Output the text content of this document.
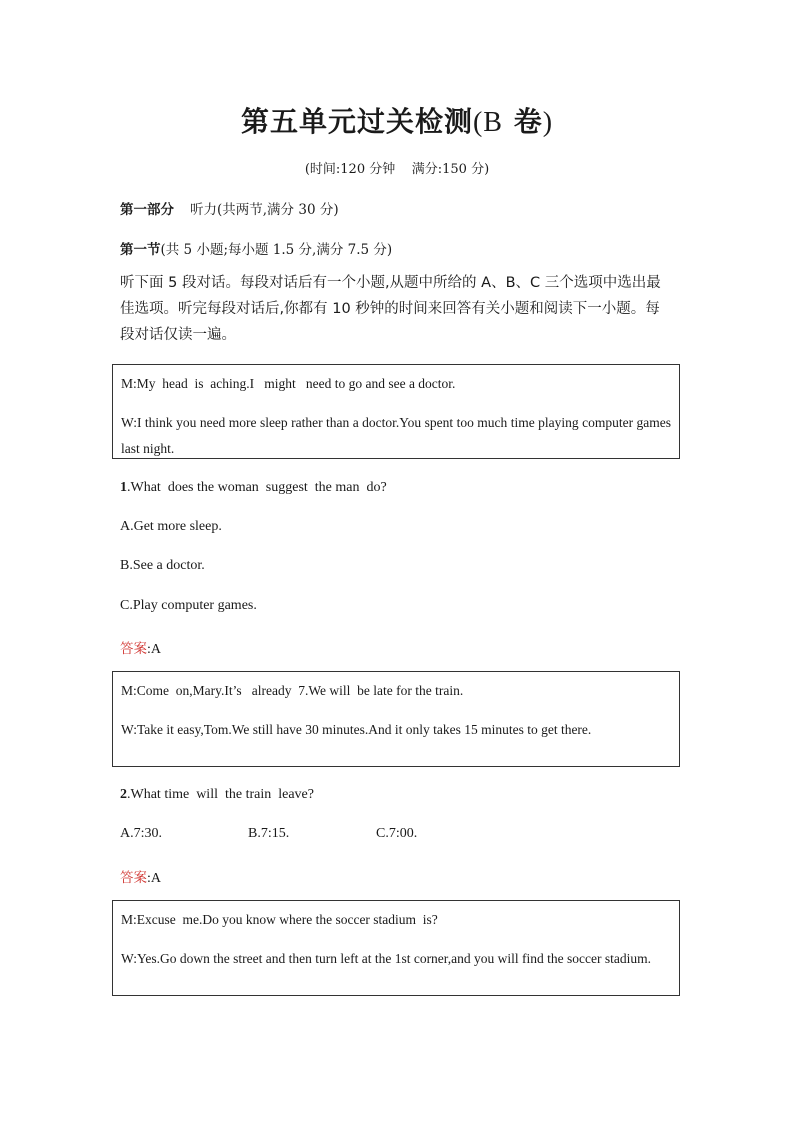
第五单元过关检测(B 卷)
(时间:120 分钟    满分:150 分)
第一部分 听力(共两节,满分 30 分)
第一节(共 5 小题;每小题 1.5 分,满分 7.5 分)
听下面 5 段对话。每段对话后有一个小题,从题中所给的 A、B、C 三个选项中选出最佳选项。听完每段对话后,你都有 10 秒钟的时间来回答有关小题和阅读下一小题。每段对话仅读一遍。

M:My  head  is  aching.I   might   need to go and see a doctor.

W:I think you need more sleep rather than a doctor.You spent too much time playing computer games last night.

1.What  does the woman  suggest  the man  do?
A.Get more sleep.
B.See a doctor.
C.Play computer games.
答案:A

M:Come  on,Mary.It’s   already  7.We will  be late for the train.

W:Take it easy,Tom.We still have 30 minutes.And it only takes 15 minutes to get there.

2.What time  will  the train  leave?
A.7:30.	B.7:15.	C.7:00.
答案:A

M:Excuse  me.Do you know where the soccer stadium  is?

W:Yes.Go down the street and then turn left at the 1st corner,and you will find the soccer stadium.
